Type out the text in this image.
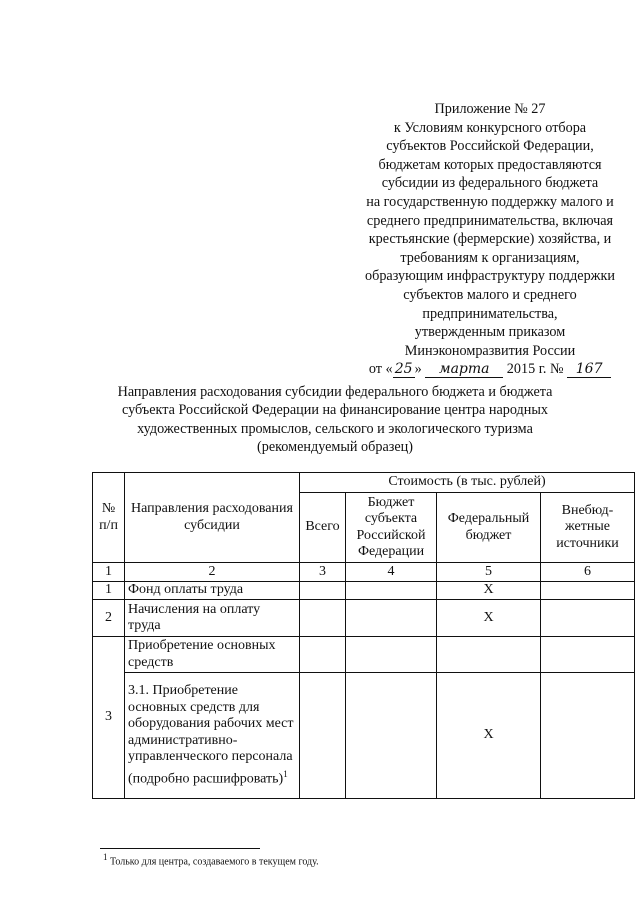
Приложение № 27
к Условиям конкурсного отбора
субъектов Российской Федерации,
бюджетам которых предоставляются
субсидии из федерального бюджета
на государственную поддержку малого и
среднего предпринимательства, включая
крестьянские (фермерские) хозяйства, и
требованиям к организациям,
образующим инфраструктуру поддержки
субъектов малого и среднего
предпринимательства,
утвержденным приказом
Минэкономразвития России
от « 25 » марта 2015 г. № 167
Направления расходования субсидии федерального бюджета и бюджета
субъекта Российской Федерации на финансирование центра народных
художественных промыслов, сельского и экологического туризма
(рекомендуемый образец)
№ п/п	Направления расходования субсидии	Стоимость (в тыс. рублей)			
		Всего	Бюджет субъекта Российской Федерации	Федеральный бюджет	Внебюд-жетные источники
1	2	3	4	5	6
1	Фонд оплаты труда			X	
2	Начисления на оплату труда			X	
3	Приобретение основных средств				
	3.1. Приобретение основных средств для оборудования рабочих мест административно-управленческого персонала (подробно расшифровать)$^1$			X	
1 Только для центра, создаваемого в текущем году.
